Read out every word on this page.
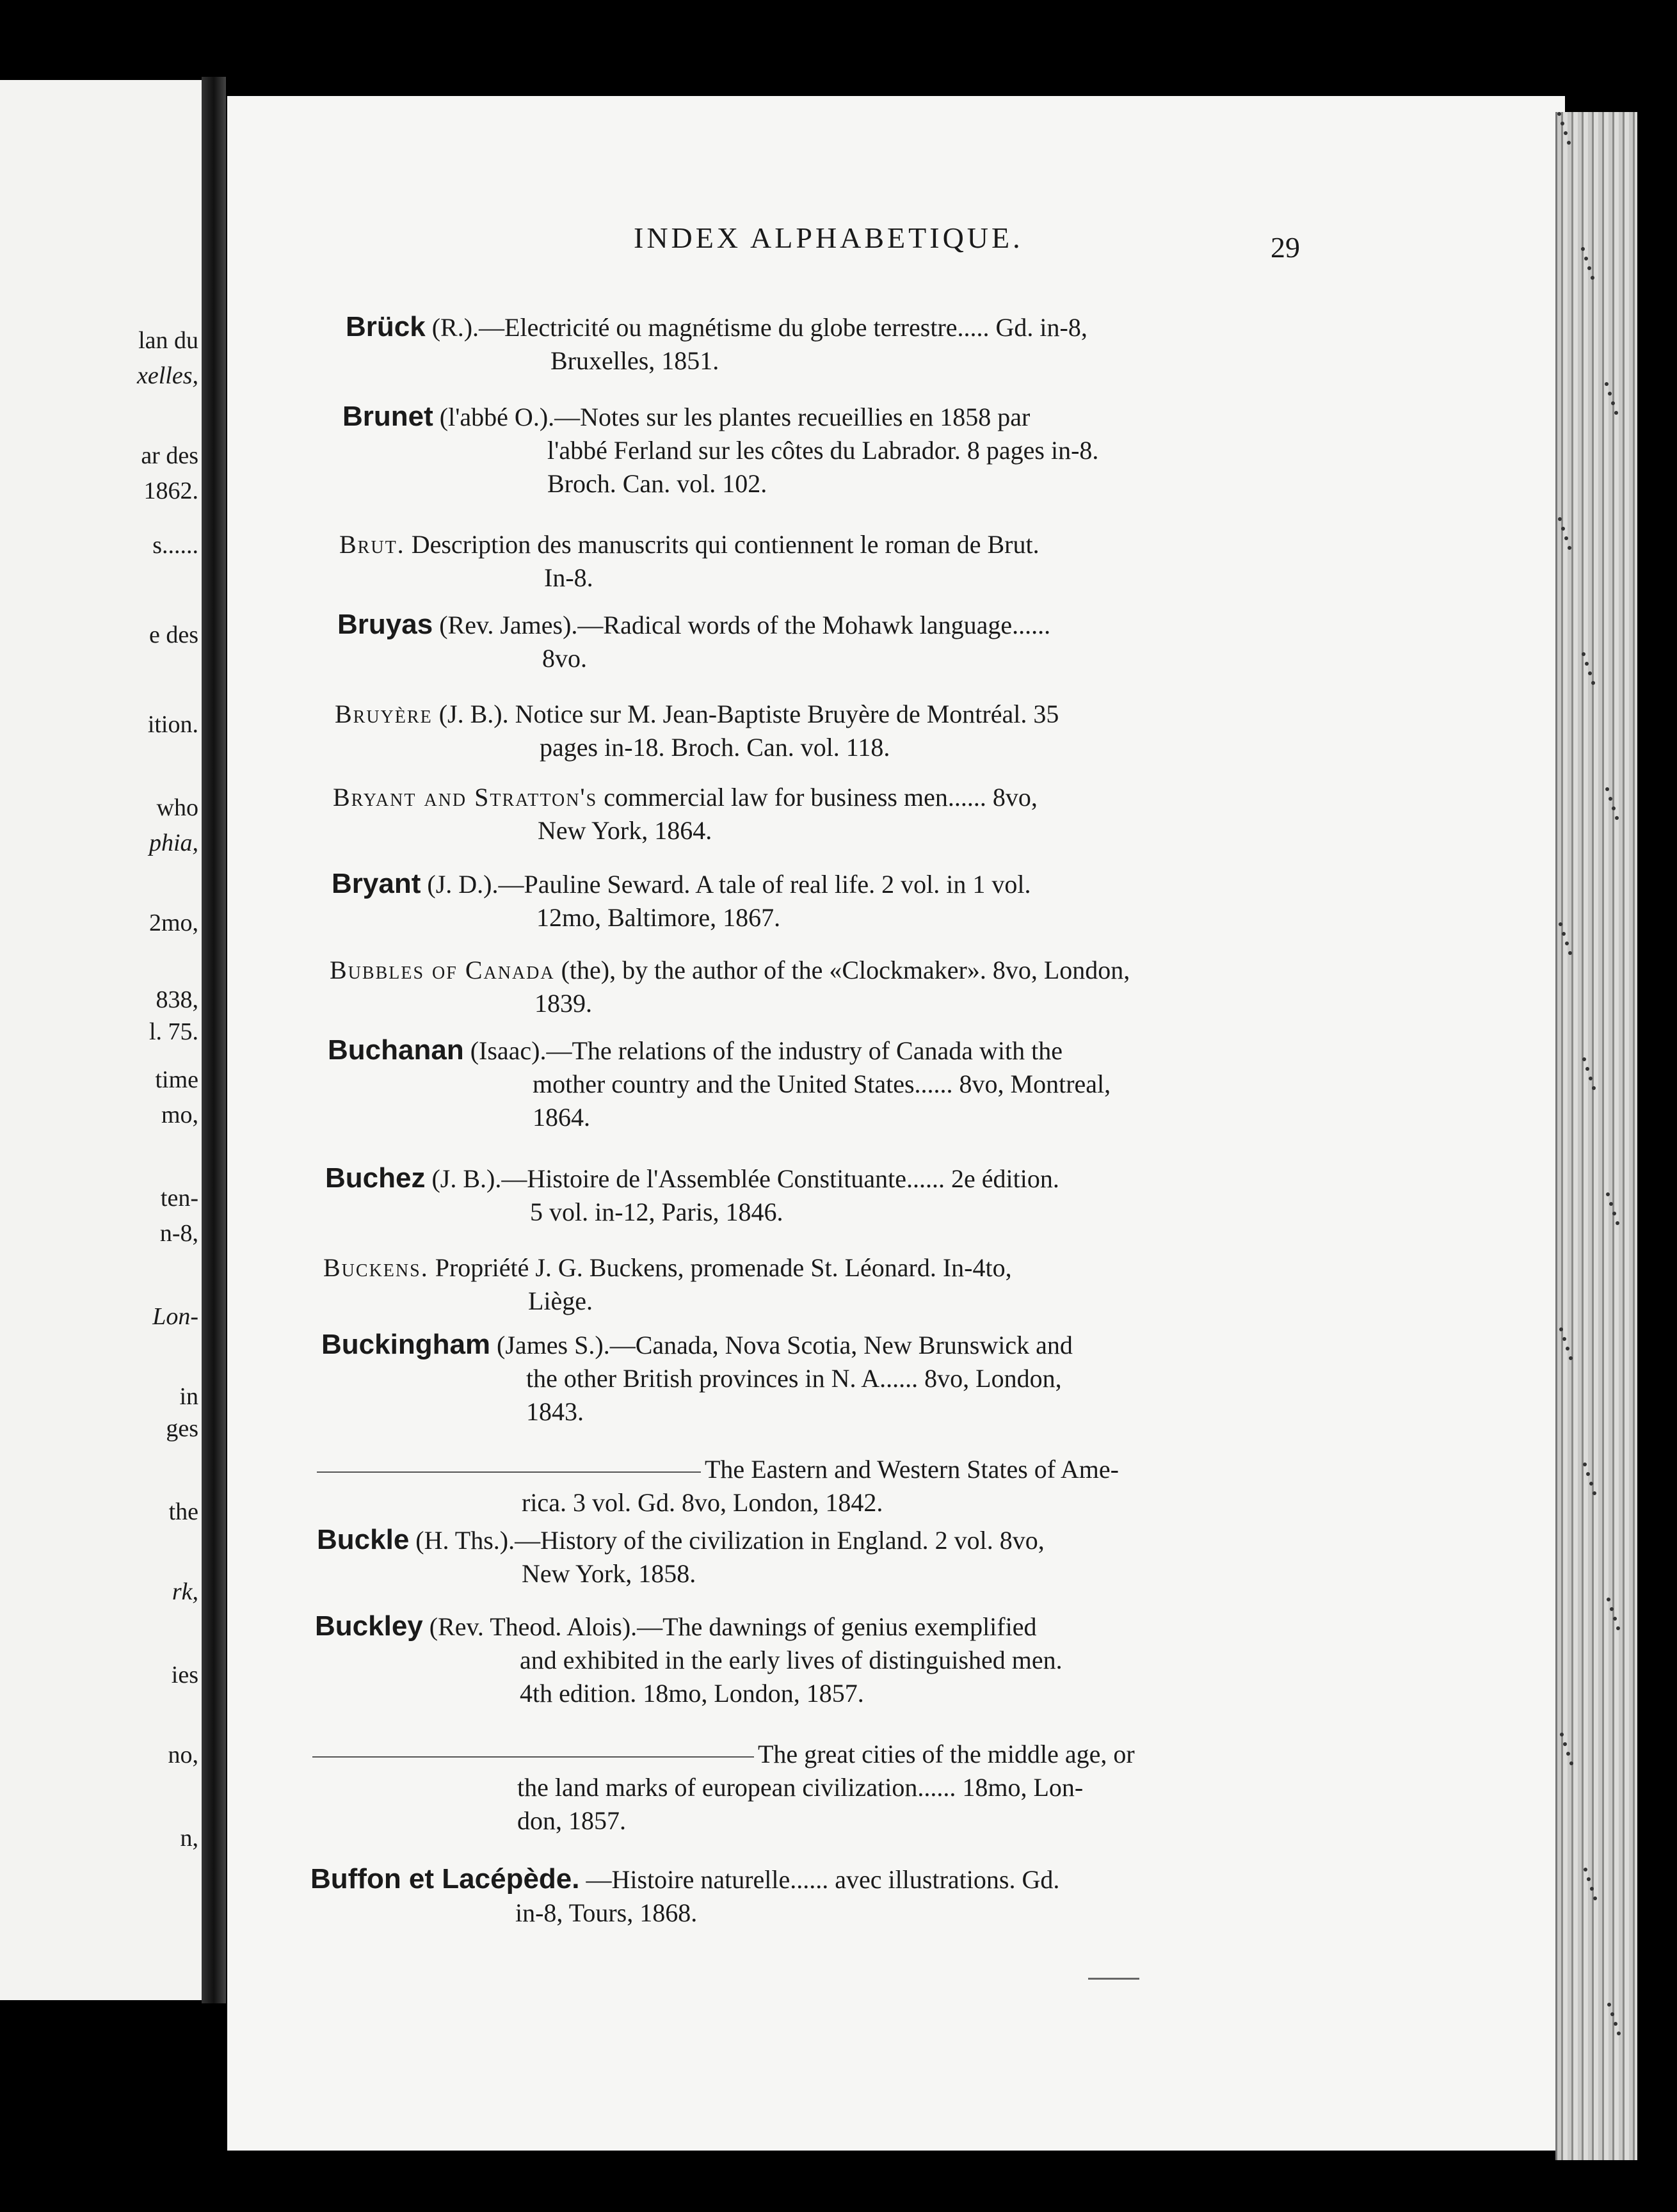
lan du
xelles,
ar des
1862.
s......
e des
ition.
who
phia,
2mo,
838,
l. 75.
time
mo,
ten-
n-8,
Lon-
in
ges
the
rk,
ies
no,
n,
INDEX ALPHABETIQUE.	29
Brück (R.).—Electricité ou magnétisme du globe terrestre..... Gd. in-8,
Bruxelles, 1851.
Brunet (l'abbé O.).—Notes sur les plantes recueillies en 1858 par
l'abbé Ferland sur les côtes du Labrador. 8 pages in-8.
Broch. Can. vol. 102.
Brut. Description des manuscrits qui contiennent le roman de Brut.
In-8.
Bruyas (Rev. James).—Radical words of the Mohawk language......
8vo.
Bruyère (J. B.). Notice sur M. Jean-Baptiste Bruyère de Montréal. 35
pages in-18. Broch. Can. vol. 118.
Bryant and Stratton's commercial law for business men...... 8vo,
New York, 1864.
Bryant (J. D.).—Pauline Seward. A tale of real life. 2 vol. in 1 vol.
12mo, Baltimore, 1867.
Bubbles of Canada (the), by the author of the «Clockmaker». 8vo, London,
1839.
Buchanan (Isaac).—The relations of the industry of Canada with the
mother country and the United States...... 8vo, Montreal,
1864.
Buchez (J. B.).—Histoire de l'Assemblée Constituante...... 2e édition.
5 vol. in-12, Paris, 1846.
Buckens. Propriété J. G. Buckens, promenade St. Léonard. In-4to,
Liège.
Buckingham (James S.).—Canada, Nova Scotia, New Brunswick and
the other British provinces in N. A...... 8vo, London,
1843.
The Eastern and Western States of Ame-
rica. 3 vol. Gd. 8vo, London, 1842.
Buckle (H. Ths.).—History of the civilization in England. 2 vol. 8vo,
New York, 1858.
Buckley (Rev. Theod. Alois).—The dawnings of genius exemplified
and exhibited in the early lives of distinguished men.
4th edition. 18mo, London, 1857.
The great cities of the middle age, or
the land marks of european civilization...... 18mo, Lon-
don, 1857.
Buffon et Lacépède. —Histoire naturelle...... avec illustrations. Gd.
in-8, Tours, 1868.
